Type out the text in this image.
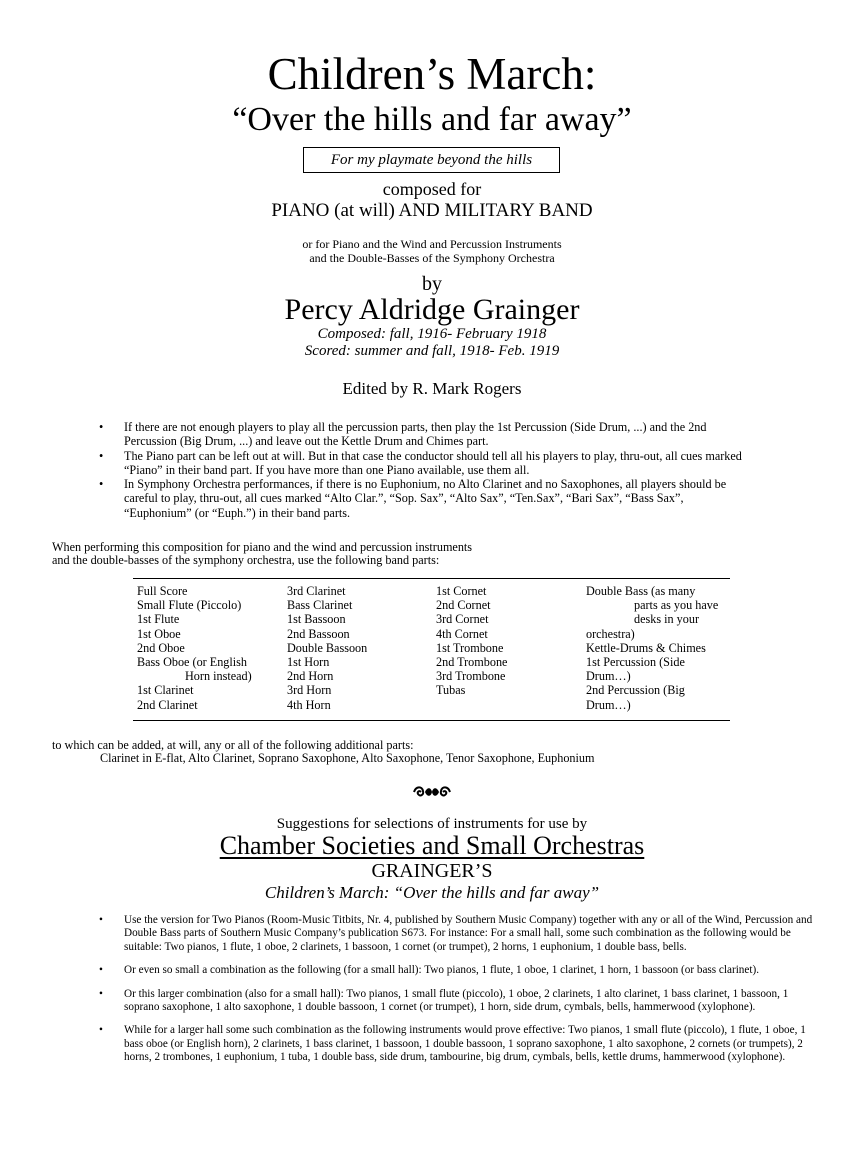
Children’s March:
“Over the hills and far away”
For my playmate beyond the hills
composed for
PIANO (at will) AND MILITARY BAND
or for Piano and the Wind and Percussion Instruments
and the Double-Basses of the Symphony Orchestra
by
Percy Aldridge Grainger
Composed: fall, 1916- February 1918
Scored: summer and fall, 1918- Feb. 1919
Edited by R. Mark Rogers
• If there are not enough players to play all the percussion parts, then play the 1st Percussion (Side Drum, ...) and the 2nd Percussion (Big Drum, ...) and leave out the Kettle Drum and Chimes part.
• The Piano part can be left out at will. But in that case the conductor should tell all his players to play, thru-out, all cues marked “Piano” in their band part. If you have more than one Piano available, use them all.
• In Symphony Orchestra performances, if there is no Euphonium, no Alto Clarinet and no Saxophones, all players should be careful to play, thru-out, all cues marked “Alto Clar.”, “Sop. Sax”, “Alto Sax”, “Ten.Sax”, “Bari Sax”, “Bass Sax”, “Euphonium” (or “Euph.”) in their band parts.
When performing this composition for piano and the wind and percussion instruments
and the double-basses of the symphony orchestra, use the following band parts:
Full Score
Small Flute (Piccolo)
1st Flute
1st Oboe
2nd Oboe
Bass Oboe (or English
Horn instead)
1st Clarinet
2nd Clarinet
3rd Clarinet
Bass Clarinet
1st Bassoon
2nd Bassoon
Double Bassoon
1st Horn
2nd Horn
3rd Horn
4th Horn
1st Cornet
2nd Cornet
3rd Cornet
4th Cornet
1st Trombone
2nd Trombone
3rd Trombone
Tubas
Double Bass (as many
parts as you have
desks in your
orchestra)
Kettle-Drums & Chimes
1st Percussion (Side
Drum…)
2nd Percussion (Big
Drum…)
to which can be added, at will, any or all of the following additional parts:
Clarinet in E-flat, Alto Clarinet, Soprano Saxophone, Alto Saxophone, Tenor Saxophone, Euphonium
Suggestions for selections of instruments for use by
Chamber Societies and Small Orchestras
GRAINGER’S
Children’s March: “Over the hills and far away”
• Use the version for Two Pianos (Room-Music Titbits, Nr. 4, published by Southern Music Company) together with any or all of the Wind, Percussion and Double Bass parts of Southern Music Company’s publication S673. For instance: For a small hall, some such combination as the following would be suitable: Two pianos, 1 flute, 1 oboe, 2 clarinets, 1 bassoon, 1 cornet (or trumpet), 2 horns, 1 euphonium, 1 double bass, bells.
• Or even so small a combination as the following (for a small hall): Two pianos, 1 flute, 1 oboe, 1 clarinet, 1 horn, 1 bassoon (or bass clarinet).
• Or this larger combination (also for a small hall): Two pianos, 1 small flute (piccolo), 1 oboe, 2 clarinets, 1 alto clarinet, 1 bass clarinet, 1 bassoon, 1 soprano saxophone, 1 alto saxophone, 1 double bassoon, 1 cornet (or trumpet), 1 horn, side drum, cymbals, bells, hammerwood (xylophone).
• While for a larger hall some such combination as the following instruments would prove effective: Two pianos, 1 small flute (piccolo), 1 flute, 1 oboe, 1 bass oboe (or English horn), 2 clarinets, 1 bass clarinet, 1 bassoon, 1 double bassoon, 1 soprano saxophone, 1 alto saxophone, 2 cornets (or trumpets), 2 horns, 2 trombones, 1 euphonium, 1 tuba, 1 double bass, side drum, tambourine, big drum, cymbals, bells, kettle drums, hammerwood (xylophone).
